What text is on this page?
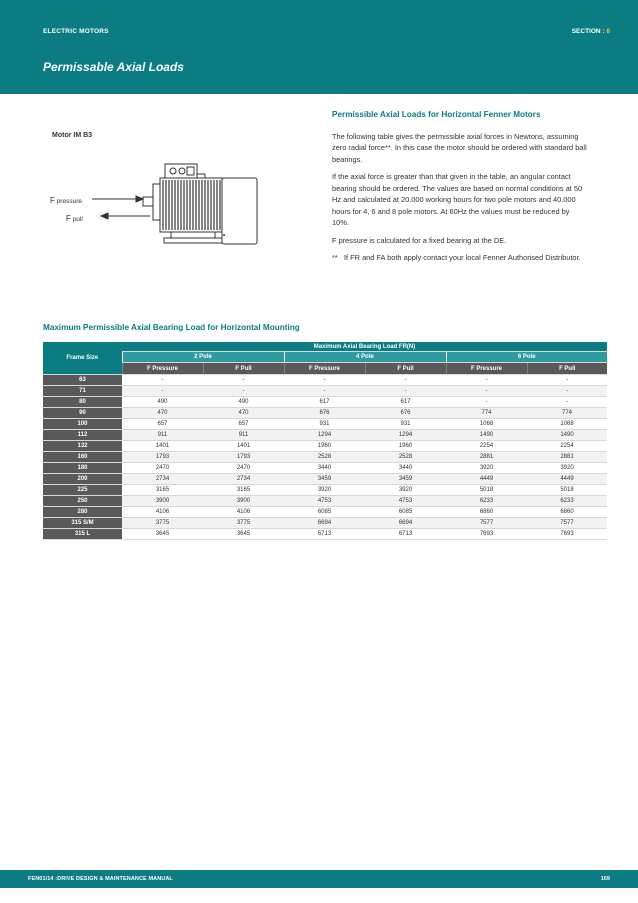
ELECTRIC MOTORS	SECTION : 8
Permissable Axial Loads
Motor IM B3
F pressure
F pull
Permissible Axial Loads for Horizontal Fenner Motors

The following table gives the permissible axial forces in Newtons, assuming zero radial force**. In this case the motor should be ordered with standard ball bearings.

If the axial force is greater than that given in the table, an angular contact bearing should be ordered. The values are based on normal conditions at 50 Hz and calculated at 20.000 working hours for two pole motors and 40.000 hours for 4, 6 and 8 pole motors. At 60Hz the values must be reduced by 10%.

F pressure is calculated for a fixed bearing at the DE.

** If FR and FA both apply contact your local Fenner Authorised Distributor.
Maximum Permissible Axial Bearing Load for Horizontal Mounting
Frame Size	Maximum Axial Bearing Load FR(N)					
	2 Pole		4 Pole		6 Pole	
	F Pressure	F Pull	F Pressure	F Pull	F Pressure	F Pull
63	-	-	-	-	-	-
71	-	-	-	-	-	-
80	490	490	617	617	-	-
90	470	470	676	676	774	774
100	657	657	931	931	1068	1068
112	911	911	1294	1294	1490	1490
132	1401	1401	1960	1960	2254	2254
160	1793	1793	2528	2528	2881	2881
180	2470	2470	3440	3440	3920	3920
200	2734	2734	3459	3459	4449	4449
225	3165	3165	3920	3920	5018	5018
250	3900	3900	4753	4753	6233	6233
280	4106	4106	6085	6085	6860	6860
315 S/M	3775	3775	6694	6694	7577	7577
315 L	3645	3645	6713	6713	7693	7693
FEN01/14 :DRIVE DESIGN & MAINTENANCE MANUAL	169
